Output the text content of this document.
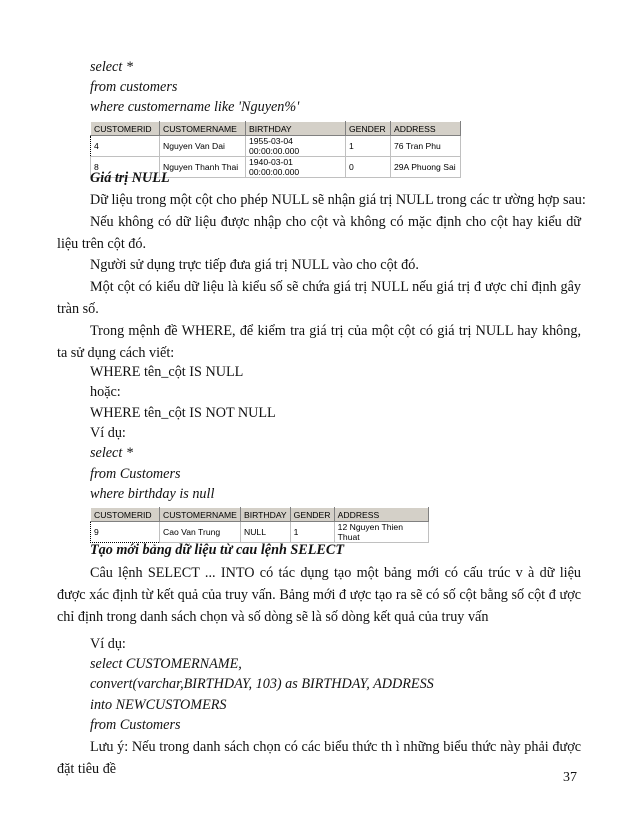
select *
from customers
where customername like 'Nguyen%'
CUSTOMERID	CUSTOMERNAME	BIRTHDAY	GENDER	ADDRESS
4	Nguyen Van Dai	1955-03-04 00:00:00.000	1	76 Tran Phu
8	Nguyen Thanh Thai	1940-03-01 00:00:00.000	0	29A Phuong Sai
Giá trị NULL
Dữ liệu trong một cột cho phép NULL sẽ nhận giá trị NULL trong các tr ường hợp sau:
Nếu không có dữ liệu được nhập cho cột và không có mặc định cho cột hay kiểu dữ liệu trên cột đó.
Người sử dụng trực tiếp đưa giá trị NULL vào cho cột đó.
Một cột có kiểu dữ liệu là kiểu số sẽ chứa giá trị NULL nếu giá trị đ ược chỉ định gây tràn số.
Trong mệnh đề WHERE, để kiểm tra giá trị của một cột có giá trị NULL hay không, ta sử dụng cách viết:
WHERE tên_cột IS NULL
hoặc:
WHERE tên_cột IS NOT NULL
Ví dụ:
select *
from Customers
where birthday is null
CUSTOMERID	CUSTOMERNAME	BIRTHDAY	GENDER	ADDRESS
9	Cao Van Trung	NULL	1	12 Nguyen Thien Thuat
Tạo mới bảng dữ liệu từ cau lệnh SELECT
Câu lệnh SELECT ... INTO có tác dụng tạo một bảng mới có cấu trúc v à dữ liệu được xác định từ kết quả của truy vấn. Bảng mới đ ược tạo ra sẽ có số cột bằng số cột đ ược chỉ định trong danh sách chọn và số dòng sẽ là số dòng kết quả của truy vấn
Ví dụ:
select CUSTOMERNAME,
convert(varchar,BIRTHDAY, 103) as BIRTHDAY, ADDRESS
into NEWCUSTOMERS
from Customers
Lưu ý: Nếu trong danh sách chọn có các biểu thức th ì những biểu thức này phải được đặt tiêu đề
37
